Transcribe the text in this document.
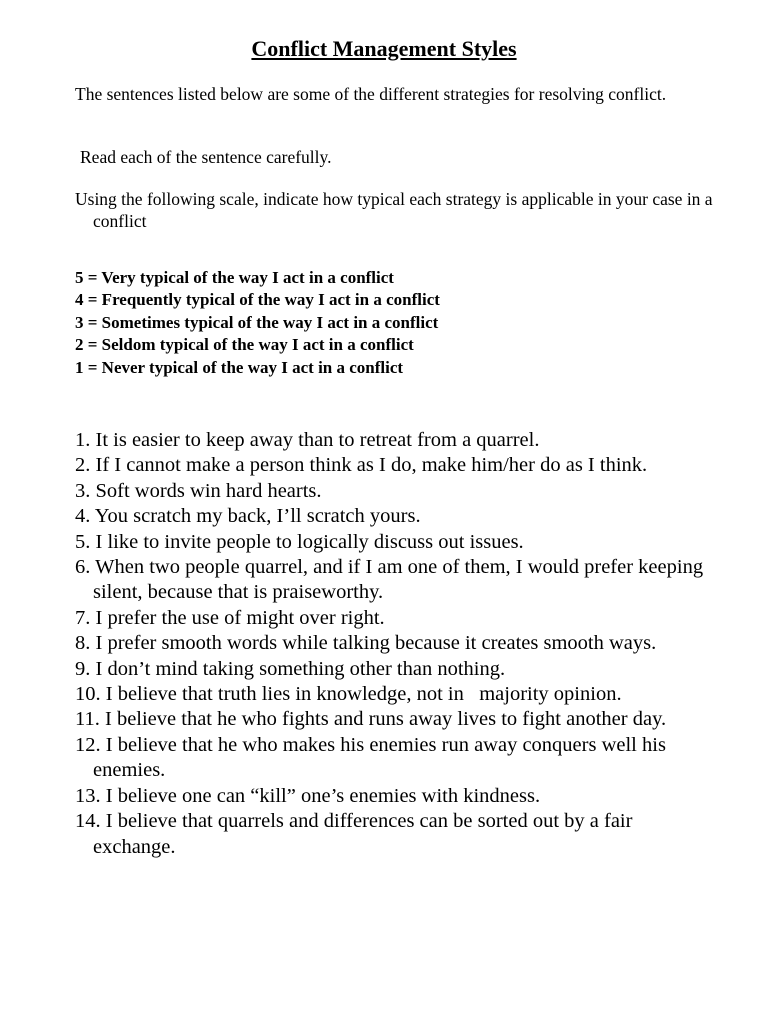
Conflict Management Styles
The sentences listed below are some of the different strategies for resolving conflict.
Read each of the sentence carefully.
Using the following scale, indicate how typical each strategy is applicable in your case in a conflict
5 = Very typical of the way I act in a conflict
4 = Frequently typical of the way I act in a conflict
3 = Sometimes typical of the way I act in a conflict
2 = Seldom typical of the way I act in a conflict
1 = Never typical of the way I act in a conflict
1. It is easier to keep away than to retreat from a quarrel.
2. If I cannot make a person think as I do, make him/her do as I think.
3. Soft words win hard hearts.
4. You scratch my back, I’ll scratch yours.
5. I like to invite people to logically discuss out issues.
6. When two people quarrel, and if I am one of them, I would prefer keeping silent, because that is praiseworthy.
7. I prefer the use of might over right.
8. I prefer smooth words while talking because it creates smooth ways.
9. I don’t mind taking something other than nothing.
10. I believe that truth lies in knowledge, not in   majority opinion.
11. I believe that he who fights and runs away lives to fight another day.
12. I believe that he who makes his enemies run away conquers well his enemies.
13. I believe one can “kill” one’s enemies with kindness.
14. I believe that quarrels and differences can be sorted out by a fair exchange.
